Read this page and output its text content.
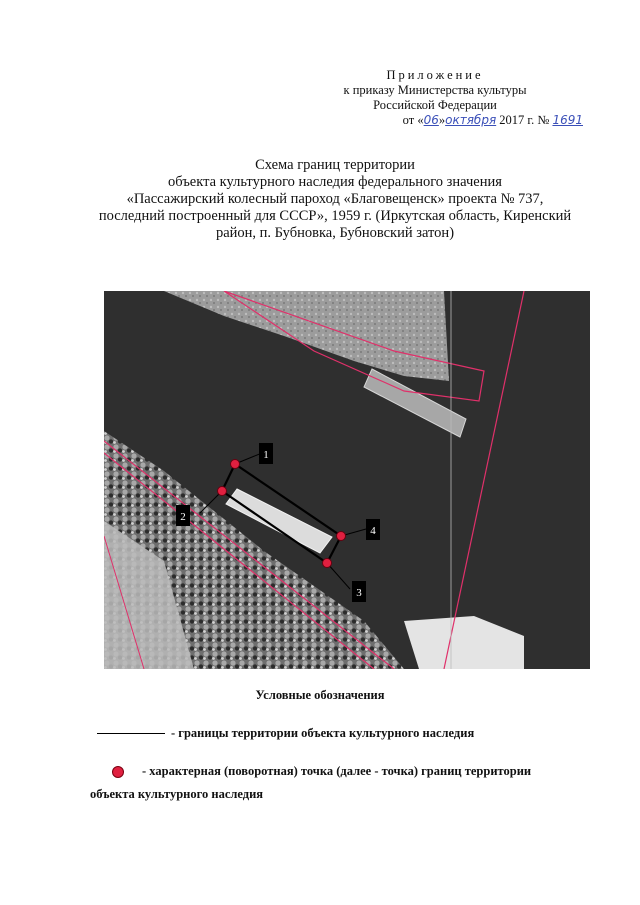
Приложение
к приказу Министерства культуры
Российской Федерации
от «06»октября 2017 г. № 1691
Схема границ территории
объекта культурного наследия федерального значения
«Пассажирский колесный пароход «Благовещенск» проекта № 737,
последний построенный для СССР», 1959 г. (Иркутская область, Киренский
район, п. Бубновка, Бубновский затон)
1
2
3
4
Условные обозначения
- границы территории объекта культурного наследия
- характерная (поворотная) точка (далее - точка) границ территории
объекта культурного наследия
